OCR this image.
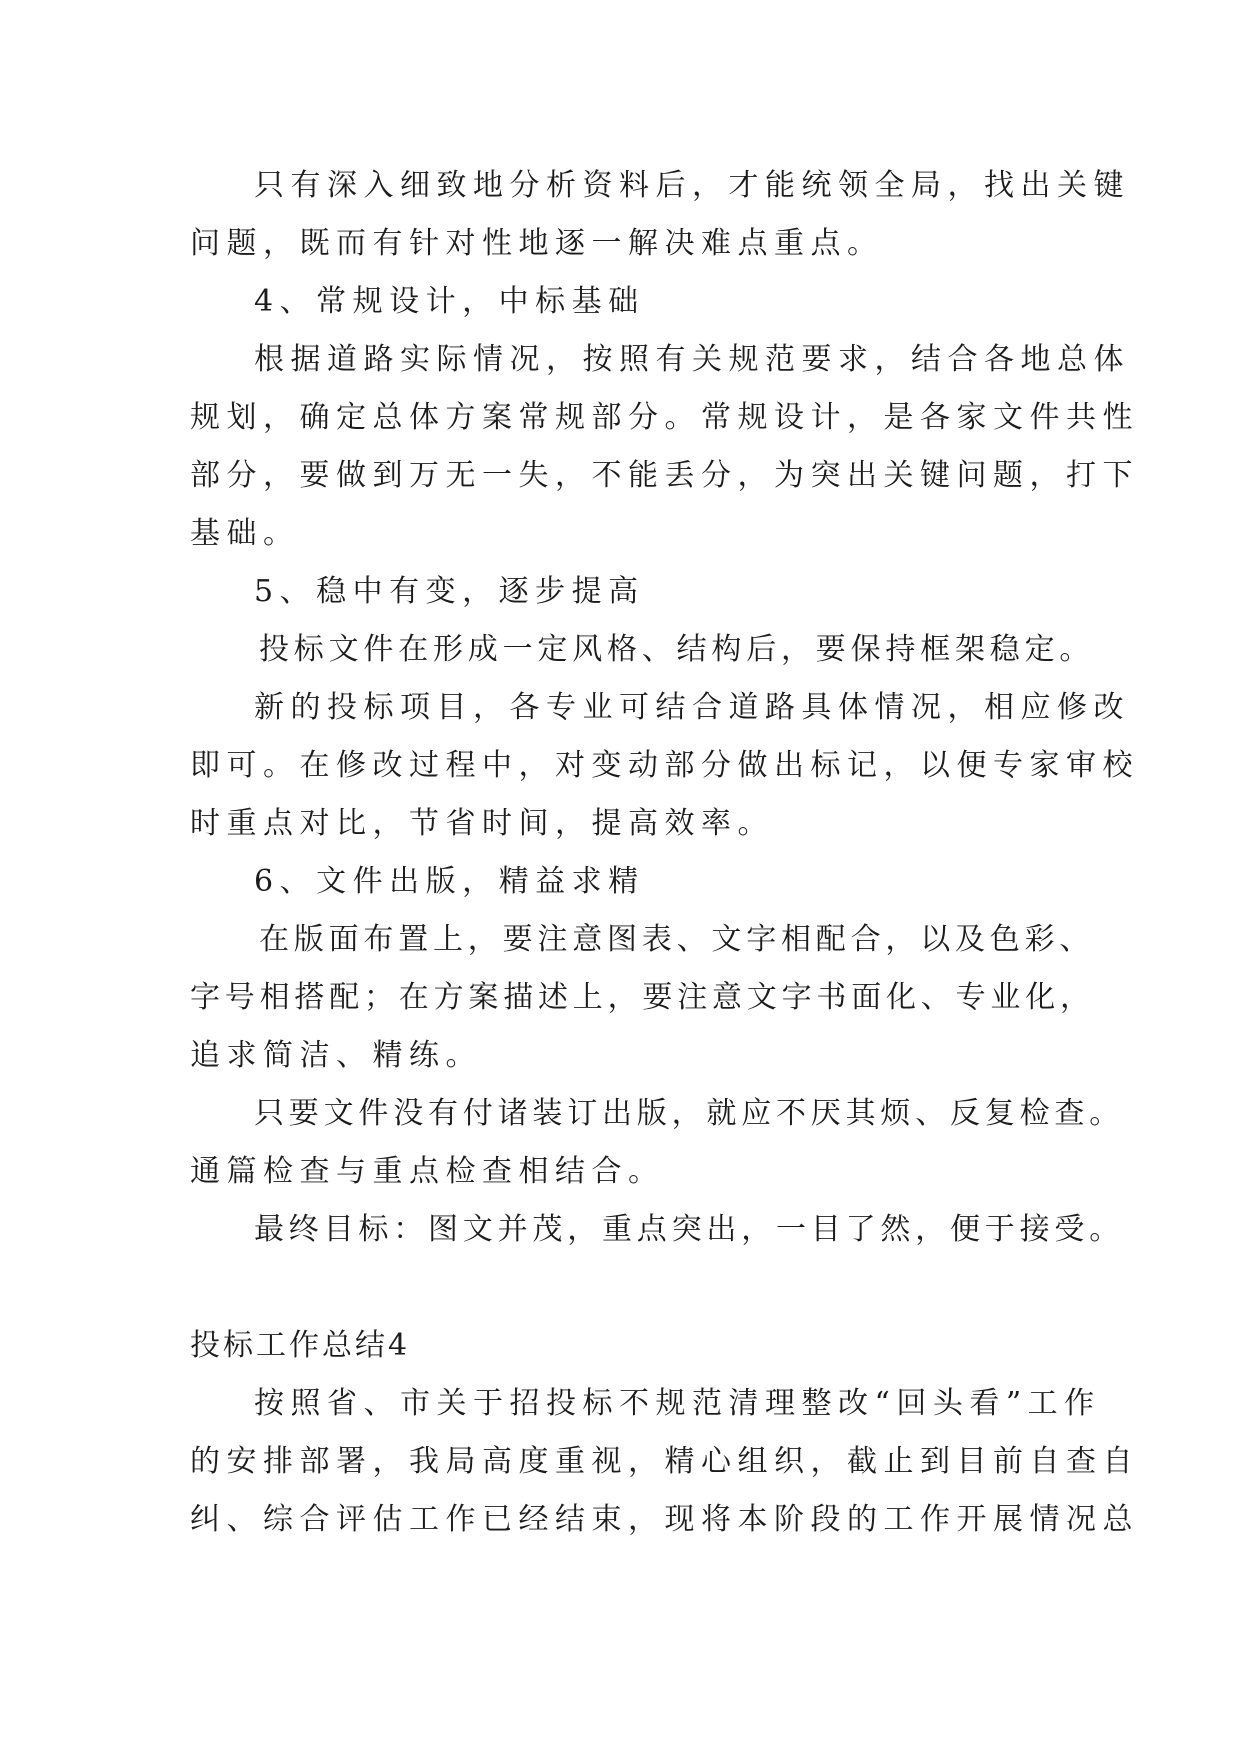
只有深入细致地分析资料后，才能统领全局，找出关键
问题，既而有针对性地逐一解决难点重点。
4、常规设计，中标基础
根据道路实际情况，按照有关规范要求，结合各地总体
规划，确定总体方案常规部分。常规设计，是各家文件共性
部分，要做到万无一失，不能丢分，为突出关键问题，打下
基础。
5、稳中有变，逐步提高
投标文件在形成一定风格、结构后，要保持框架稳定。
新的投标项目，各专业可结合道路具体情况，相应修改
即可。在修改过程中，对变动部分做出标记，以便专家审校
时重点对比，节省时间，提高效率。
6、文件出版，精益求精
在版面布置上，要注意图表、文字相配合，以及色彩、
字号相搭配；在方案描述上，要注意文字书面化、专业化，
追求简洁、精练。
只要文件没有付诸装订出版，就应不厌其烦、反复检查。
通篇检查与重点检查相结合。
最终目标：图文并茂，重点突出，一目了然，便于接受。
投标工作总结4
按照省、市关于招投标不规范清理整改“回头看”工作
的安排部署，我局高度重视，精心组织，截止到目前自查自
纠、综合评估工作已经结束，现将本阶段的工作开展情况总
